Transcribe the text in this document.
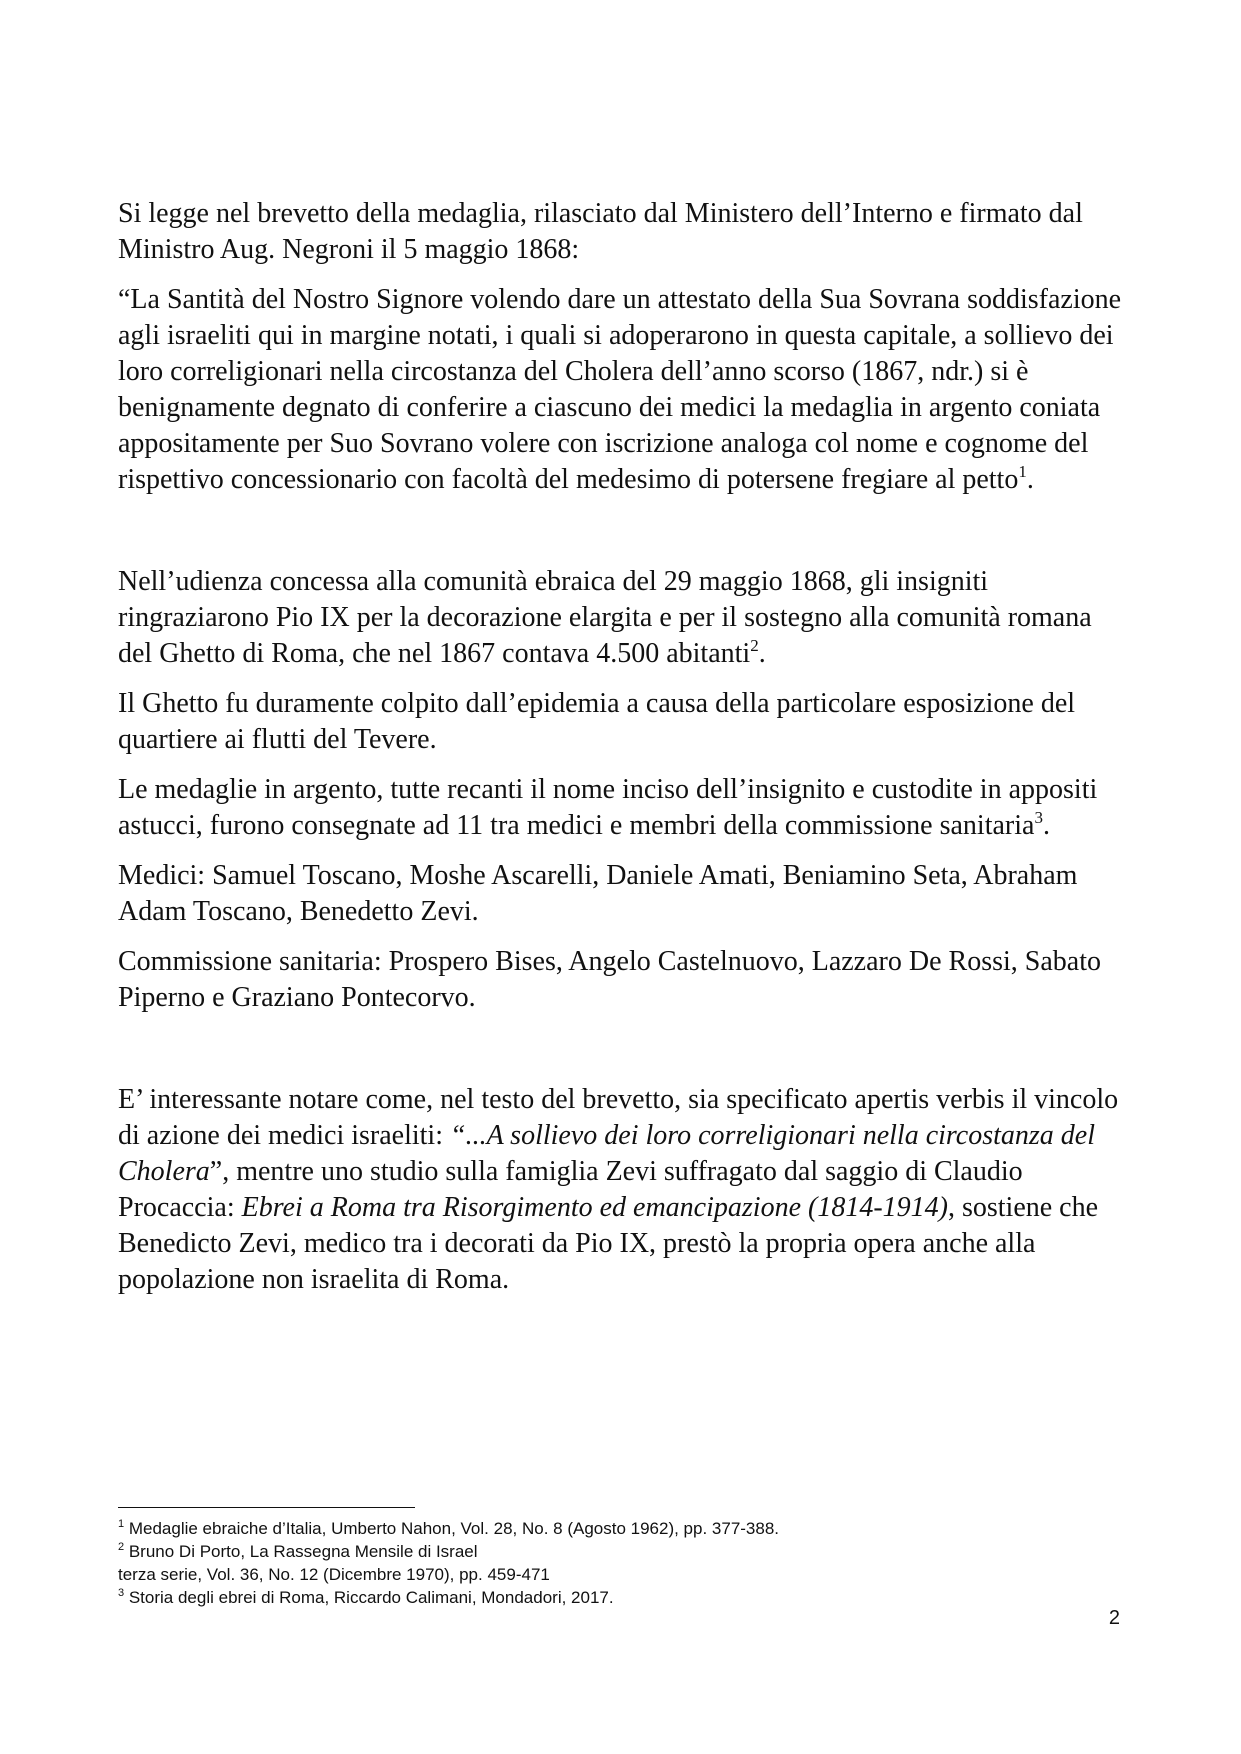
Si legge nel brevetto della medaglia, rilasciato dal Ministero dell’Interno e firmato dal Ministro Aug. Negroni il 5 maggio 1868:

“La Santità del Nostro Signore volendo dare un attestato della Sua Sovrana soddisfazione agli israeliti qui in margine notati, i quali si adoperarono in questa capitale, a sollievo dei loro correligionari nella circostanza del Cholera dell’anno scorso (1867, ndr.) si è benignamente degnato di conferire a ciascuno dei medici la medaglia in argento coniata appositamente per Suo Sovrano volere con iscrizione analoga col nome e cognome del rispettivo concessionario con facoltà del medesimo di potersene fregiare al petto$^1$.

Nell’udienza concessa alla comunità ebraica del 29 maggio 1868, gli insigniti ringraziarono Pio IX per la decorazione elargita e per il sostegno alla comunità romana del Ghetto di Roma, che nel 1867 contava 4.500 abitanti$^2$.

Il Ghetto fu duramente colpito dall’epidemia a causa della particolare esposizione del quartiere ai flutti del Tevere.

Le medaglie in argento, tutte recanti il nome inciso dell’insignito e custodite in appositi astucci, furono consegnate ad 11 tra medici e membri della commissione sanitaria$^3$.

Medici: Samuel Toscano, Moshe Ascarelli, Daniele Amati, Beniamino Seta, Abraham Adam Toscano, Benedetto Zevi.

Commissione sanitaria: Prospero Bises, Angelo Castelnuovo, Lazzaro De Rossi, Sabato Piperno e Graziano Pontecorvo.

E’ interessante notare come, nel testo del brevetto, sia specificato apertis verbis il vincolo di azione dei medici israeliti: “...A sollievo dei loro correligionari nella circostanza del Cholera”, mentre uno studio sulla famiglia Zevi suffragato dal saggio di Claudio Procaccia: Ebrei a Roma tra Risorgimento ed emancipazione (1814-1914), sostiene che Benedicto Zevi, medico tra i decorati da Pio IX, prestò la propria opera anche alla popolazione non israelita di Roma.

$^1$ Medaglie ebraiche d’Italia, Umberto Nahon, Vol. 28, No. 8 (Agosto 1962), pp. 377-388.

$^2$ Bruno Di Porto, La Rassegna Mensile di Israel

terza serie, Vol. 36, No. 12 (Dicembre 1970), pp. 459-471

$^3$ Storia degli ebrei di Roma, Riccardo Calimani, Mondadori, 2017.

2
